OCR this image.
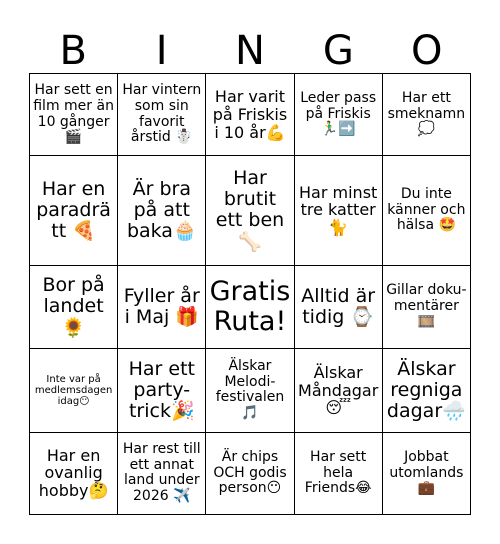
B	I	N	G	O
Har sett en film mer än 10 gånger 🎬	Har vintern som sin favorit årstid ☃️	Har varit på Friskis i 10 år💪	Leder pass på Friskis 🏃‍♂️➡️	Har ett smeknamn 💭
Har en paradrätt 🍕	Är bra på att baka🧁	Har brutit ett ben🦴	Har minst tre katter 🐈	Du inte känner och hälsa 🤩
Bor på landet 🌻	Fyller år i Maj 🎁	Gratis Ruta!	Alltid är tidig ⌚	Gillar doku-mentärer 🎞️
Inte var på medlemsdagen idag😶	Har ett party-trick🎉	Älskar Melodi-festivalen 🎵	Älskar Måndagar 😴	Älskar regniga dagar🌧️
Har en ovanlig hobby🤔	Har rest till ett annat land under 2026 ✈️	Är chips OCH godis person😶	Har sett hela Friends😂	Jobbat utomlands 💼
